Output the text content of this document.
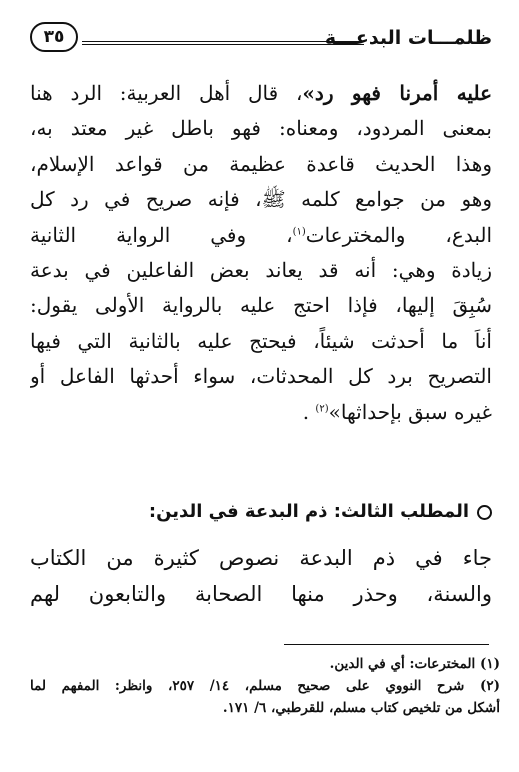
ظلمـــات البدعـــة
٣٥
عليه أمرنا فهو رد»، قال أهل العربية: الرد هنا
بمعنى المردود، ومعناه: فهو باطل غير معتد به،
وهذا الحديث قاعدة عظيمة من قواعد الإسلام،
وهو من جوامع كلمه ﷺ، فإنه صريح في رد كل
البدع، والمخترعات$^{(١)}$، وفي الرواية الثانية
زيادة وهي: أنه قد يعاند بعض الفاعلين في بدعة
سُبِقَ إليها، فإذا احتج عليه بالرواية الأولى يقول:
أناَ ما أحدثت شيئاً، فيحتج عليه بالثانية التي فيها
التصريح برد كل المحدثات، سواء أحدثها الفاعل أو
غيره سبق بإحداثها»$^{(٢)}$ .
المطلب الثالث: ذم البدعة في الدين:
جاء في ذم البدعة نصوص كثيرة من الكتاب
والسنة، وحذر منها الصحابة والتابعون لهم
(١) المخترعات: أي في الدين.
(٢) شرح النووي على صحيح مسلم، ١٤/ ٢٥٧، وانظر: المفهم لما
أشكل من تلخيص كتاب مسلم، للقرطبي، ٦/ ١٧١.
